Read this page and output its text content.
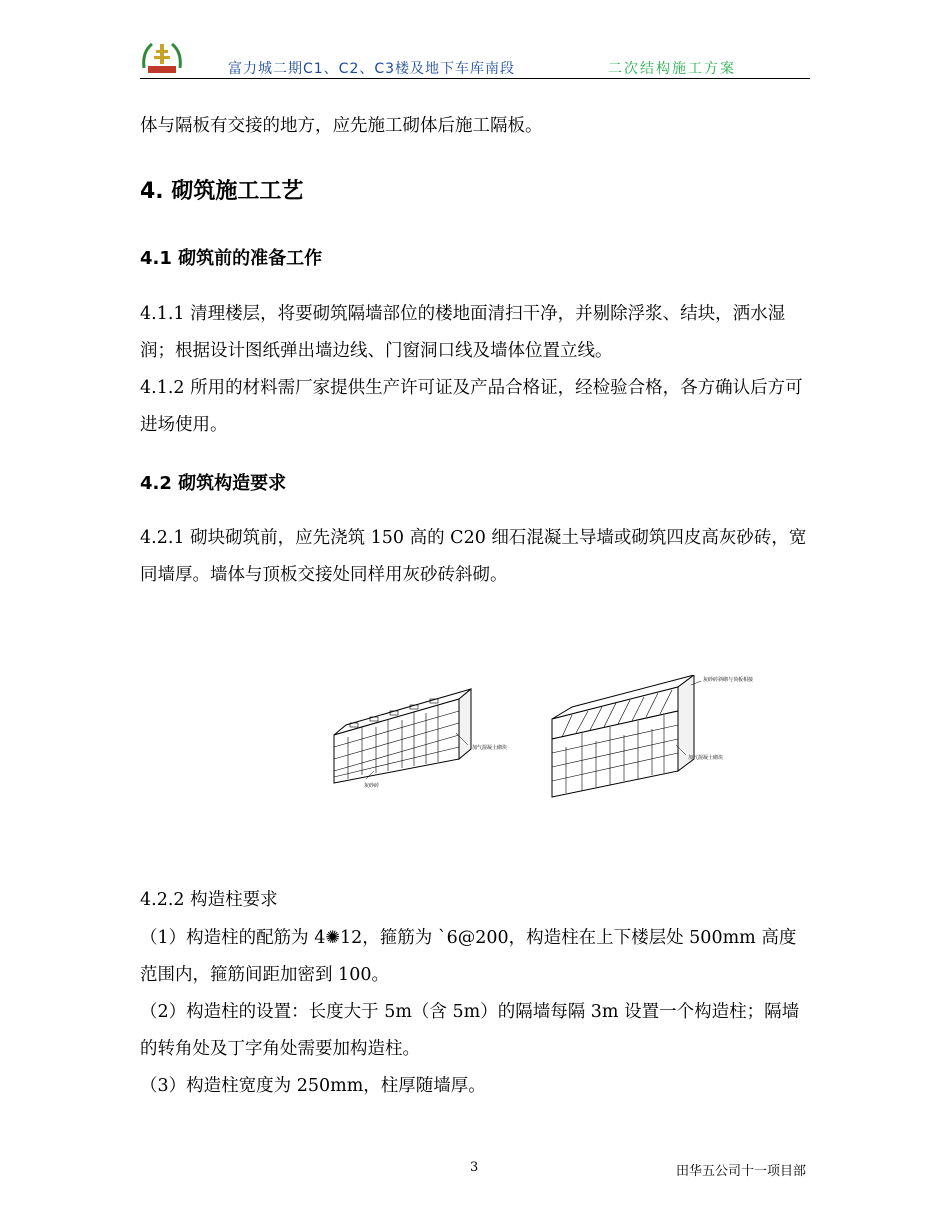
富力城二期C1、C2、C3楼及地下车库南段	二次结构施工方案

体与隔板有交接的地方，应先施工砌体后施工隔板。

4. 砌筑施工工艺
4.1 砌筑前的准备工作

4.1.1 清理楼层，将要砌筑隔墙部位的楼地面清扫干净，并剔除浮浆、结块，洒水湿润；根据设计图纸弹出墙边线、门窗洞口线及墙体位置立线。

4.1.2 所用的材料需厂家提供生产许可证及产品合格证，经检验合格，各方确认后方可进场使用。

4.2 砌筑构造要求

4.2.1 砌块砌筑前，应先浇筑 150 高的 C20 细石混凝土导墙或砌筑四皮高灰砂砖，宽同墙厚。墙体与顶板交接处同样用灰砂砖斜砌。

灰砂砖
加气混凝土砌块
灰砂砖斜砌与顶板相接
加气混凝土砌块

4.2.2 构造柱要求

（1）构造柱的配筋为 4✺12，箍筋为 `6@200，构造柱在上下楼层处 500mm 高度范围内，箍筋间距加密到 100。

（2）构造柱的设置：长度大于 5m（含 5m）的隔墙每隔 3m 设置一个构造柱；隔墙的转角处及丁字角处需要加构造柱。

（3）构造柱宽度为 250mm，柱厚随墙厚。

3	田华五公司十一项目部
